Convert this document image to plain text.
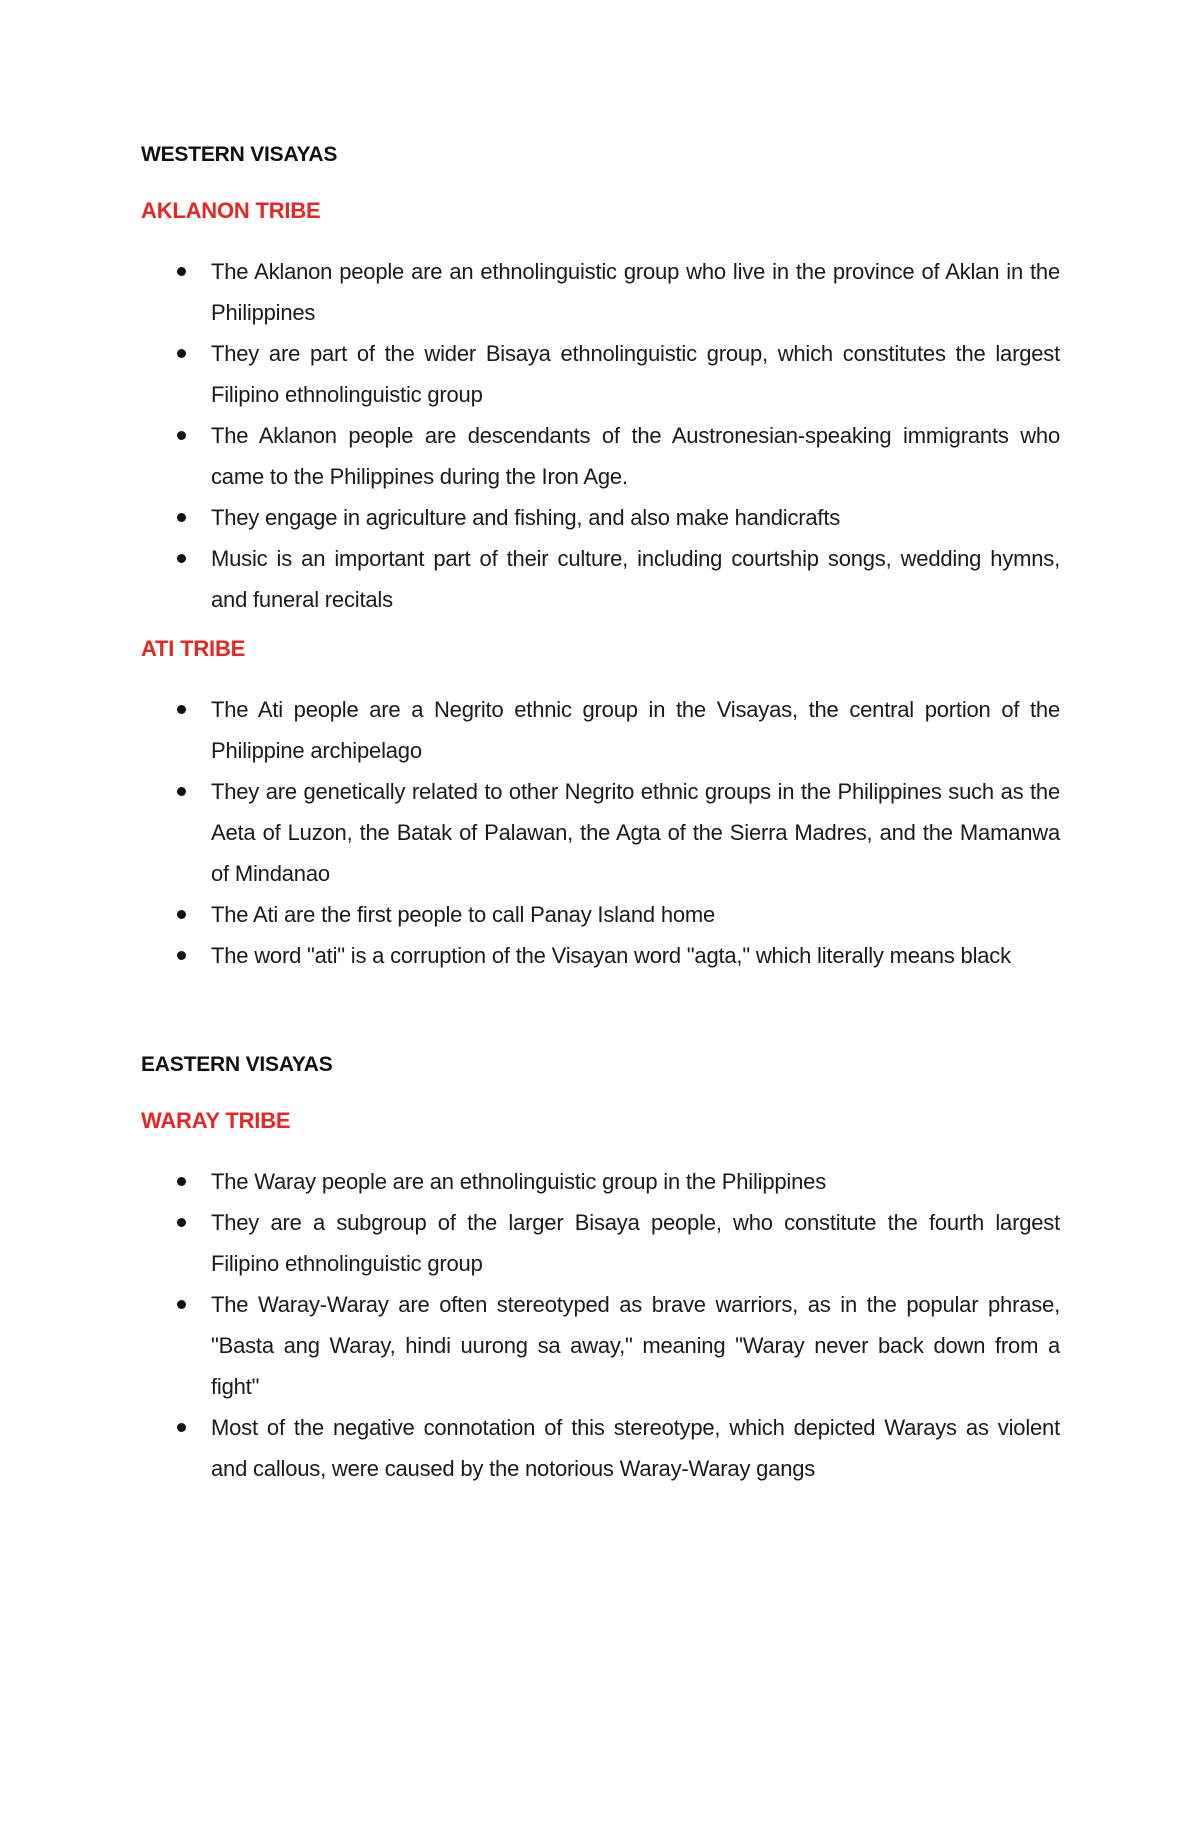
WESTERN VISAYAS
AKLANON TRIBE
The Aklanon people are an ethnolinguistic group who live in the province of Aklan in the Philippines
They are part of the wider Bisaya ethnolinguistic group, which constitutes the largest Filipino ethnolinguistic group
The Aklanon people are descendants of the Austronesian-speaking immigrants who came to the Philippines during the Iron Age.
They engage in agriculture and fishing, and also make handicrafts
Music is an important part of their culture, including courtship songs, wedding hymns, and funeral recitals
ATI TRIBE
The Ati people are a Negrito ethnic group in the Visayas, the central portion of the Philippine archipelago
They are genetically related to other Negrito ethnic groups in the Philippines such as the Aeta of Luzon, the Batak of Palawan, the Agta of the Sierra Madres, and the Mamanwa of Mindanao
The Ati are the first people to call Panay Island home
The word "ati" is a corruption of the Visayan word "agta," which literally means black
EASTERN VISAYAS
WARAY TRIBE
The Waray people are an ethnolinguistic group in the Philippines
They are a subgroup of the larger Bisaya people, who constitute the fourth largest Filipino ethnolinguistic group
The Waray-Waray are often stereotyped as brave warriors, as in the popular phrase, "Basta ang Waray, hindi uurong sa away," meaning "Waray never back down from a fight"
Most of the negative connotation of this stereotype, which depicted Warays as violent and callous, were caused by the notorious Waray-Waray gangs
